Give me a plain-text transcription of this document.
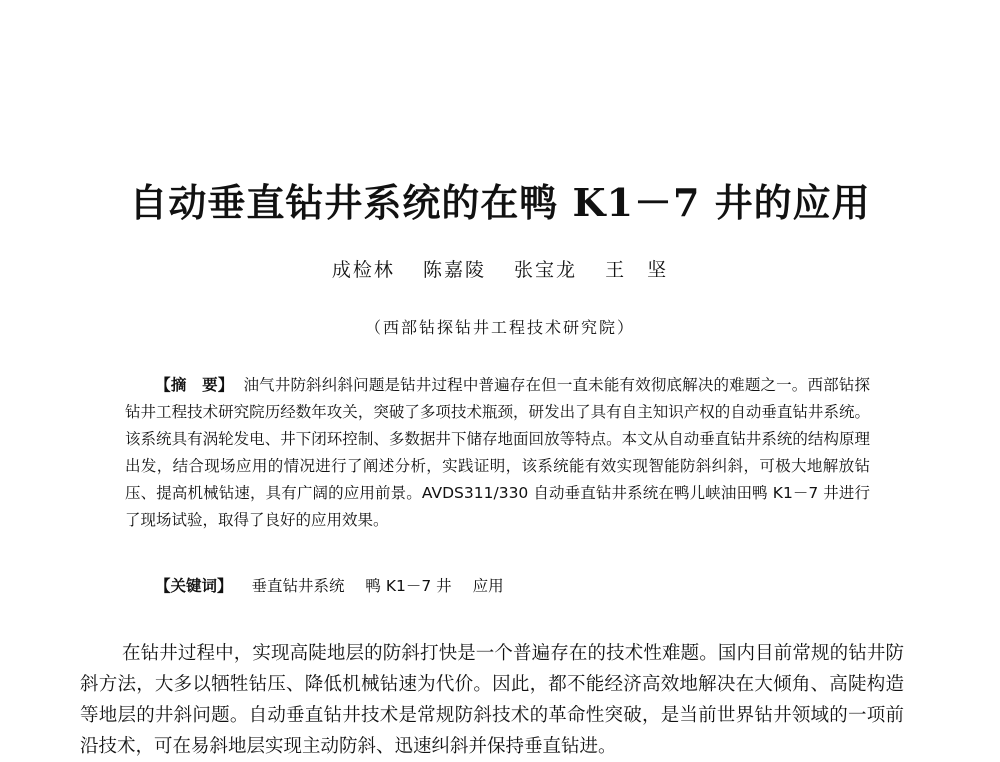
自动垂直钻井系统的在鸭 K1－7 井的应用

成检林 陈嘉陵 张宝龙 王　坚

（西部钻探钻井工程技术研究院）

【摘　要】 油气井防斜纠斜问题是钻井过程中普遍存在但一直未能有效彻底解决的难题之一。西部钻探钻井工程技术研究院历经数年攻关，突破了多项技术瓶颈，研发出了具有自主知识产权的自动垂直钻井系统。该系统具有涡轮发电、井下闭环控制、多数据井下储存地面回放等特点。本文从自动垂直钻井系统的结构原理出发，结合现场应用的情况进行了阐述分析，实践证明，该系统能有效实现智能防斜纠斜，可极大地解放钻压、提高机械钻速，具有广阔的应用前景。AVDS311/330 自动垂直钻井系统在鸭儿峡油田鸭 K1－7 井进行了现场试验，取得了良好的应用效果。

【关键词】 垂直钻井系统 鸭 K1－7 井 应用

在钻井过程中，实现高陡地层的防斜打快是一个普遍存在的技术性难题。国内目前常规的钻井防斜方法，大多以牺牲钻压、降低机械钻速为代价。因此，都不能经济高效地解决在大倾角、高陡构造等地层的井斜问题。自动垂直钻井技术是常规防斜技术的革命性突破，是当前世界钻井领域的一项前沿技术，可在易斜地层实现主动防斜、迅速纠斜并保持垂直钻进。
